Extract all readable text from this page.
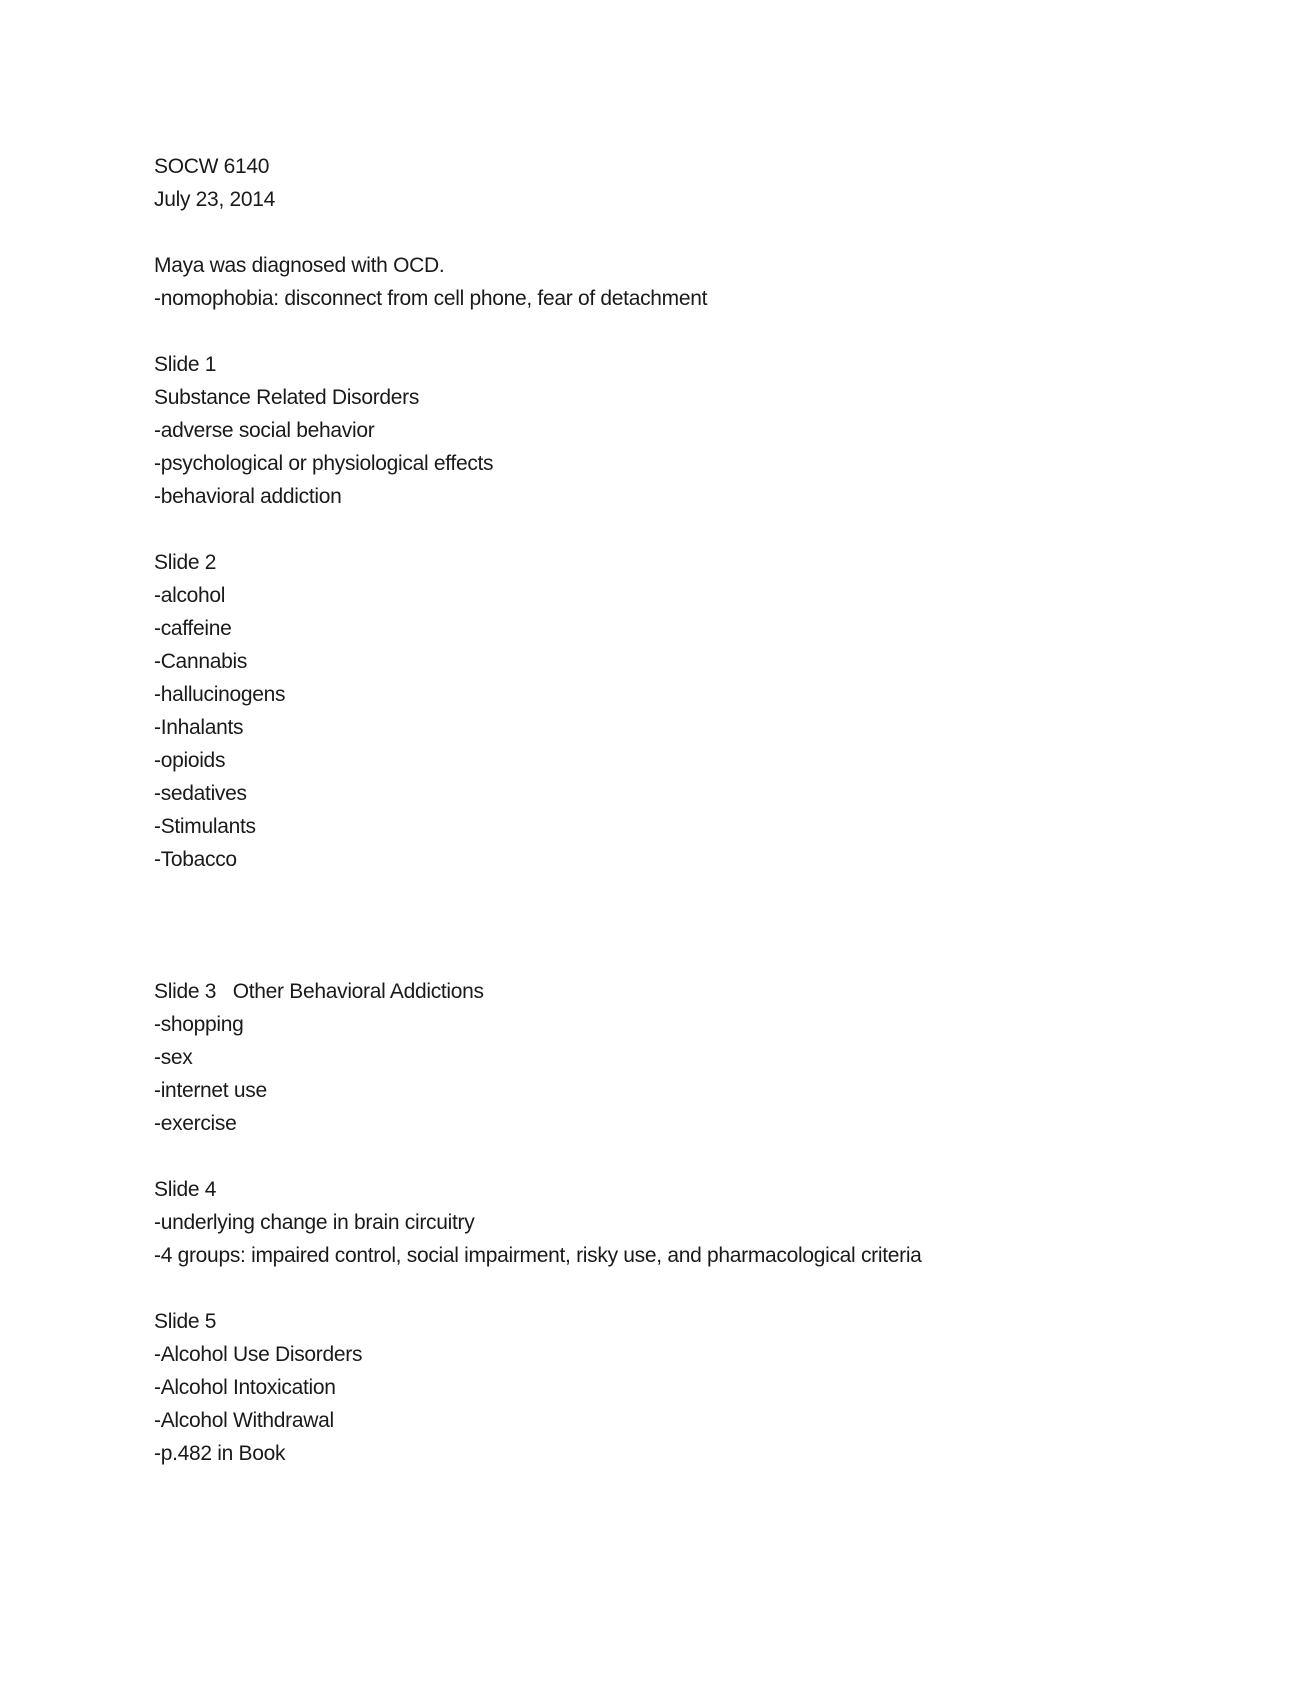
SOCW 6140
July 23, 2014
Maya was diagnosed with OCD.
-nomophobia: disconnect from cell phone, fear of detachment
Slide 1
Substance Related Disorders
-adverse social behavior
-psychological or physiological effects
-behavioral addiction
Slide 2
-alcohol
-caffeine
-Cannabis
-hallucinogens
-Inhalants
-opioids
-sedatives
-Stimulants
-Tobacco
Slide 3   Other Behavioral Addictions
-shopping
-sex
-internet use
-exercise
Slide 4
-underlying change in brain circuitry
-4 groups: impaired control, social impairment, risky use, and pharmacological criteria
Slide 5
-Alcohol Use Disorders
-Alcohol Intoxication
-Alcohol Withdrawal
-p.482 in Book
